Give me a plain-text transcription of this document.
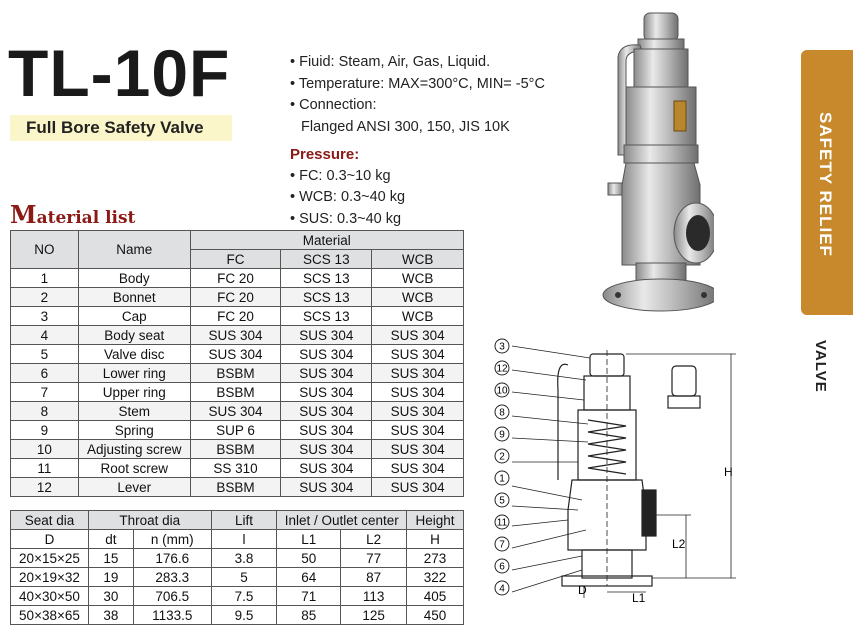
TL-10F
Full Bore Safety Valve
• Fiuid: Steam, Air, Gas, Liquid.
• Temperature: MAX=300°C, MIN= -5°C
• Connection:
Flanged ANSI 300, 150, JIS 10K
Pressure:
• FC: 0.3~10 kg
• WCB: 0.3~40 kg
• SUS: 0.3~40 kg
Material list
NO	Name	Material		
		FC	SCS 13	WCB
1	Body	FC 20	SCS 13	WCB
2	Bonnet	FC 20	SCS 13	WCB
3	Cap	FC 20	SCS 13	WCB
4	Body seat	SUS 304	SUS 304	SUS 304
5	Valve disc	SUS 304	SUS 304	SUS 304
6	Lower ring	BSBM	SUS 304	SUS 304
7	Upper ring	BSBM	SUS 304	SUS 304
8	Stem	SUS 304	SUS 304	SUS 304
9	Spring	SUP 6	SUS 304	SUS 304
10	Adjusting screw	BSBM	SUS 304	SUS 304
11	Root screw	SS 310	SUS 304	SUS 304
12	Lever	BSBM	SUS 304	SUS 304
Seat dia	Throat dia		Lift	Inlet / Outlet center		Height
D	dt	n (mm)	l	L1	L2	H
20×15×25	15	176.6	3.8	50	77	273
20×19×32	19	283.3	5	64	87	322
40×30×50	30	706.5	7.5	71	113	405
50×38×65	38	1133.5	9.5	85	125	450
SAFETY RELIEF
VALVE
3
12
10
8
9
2
1
5
11
7
6
4
H
L2
D
L1
